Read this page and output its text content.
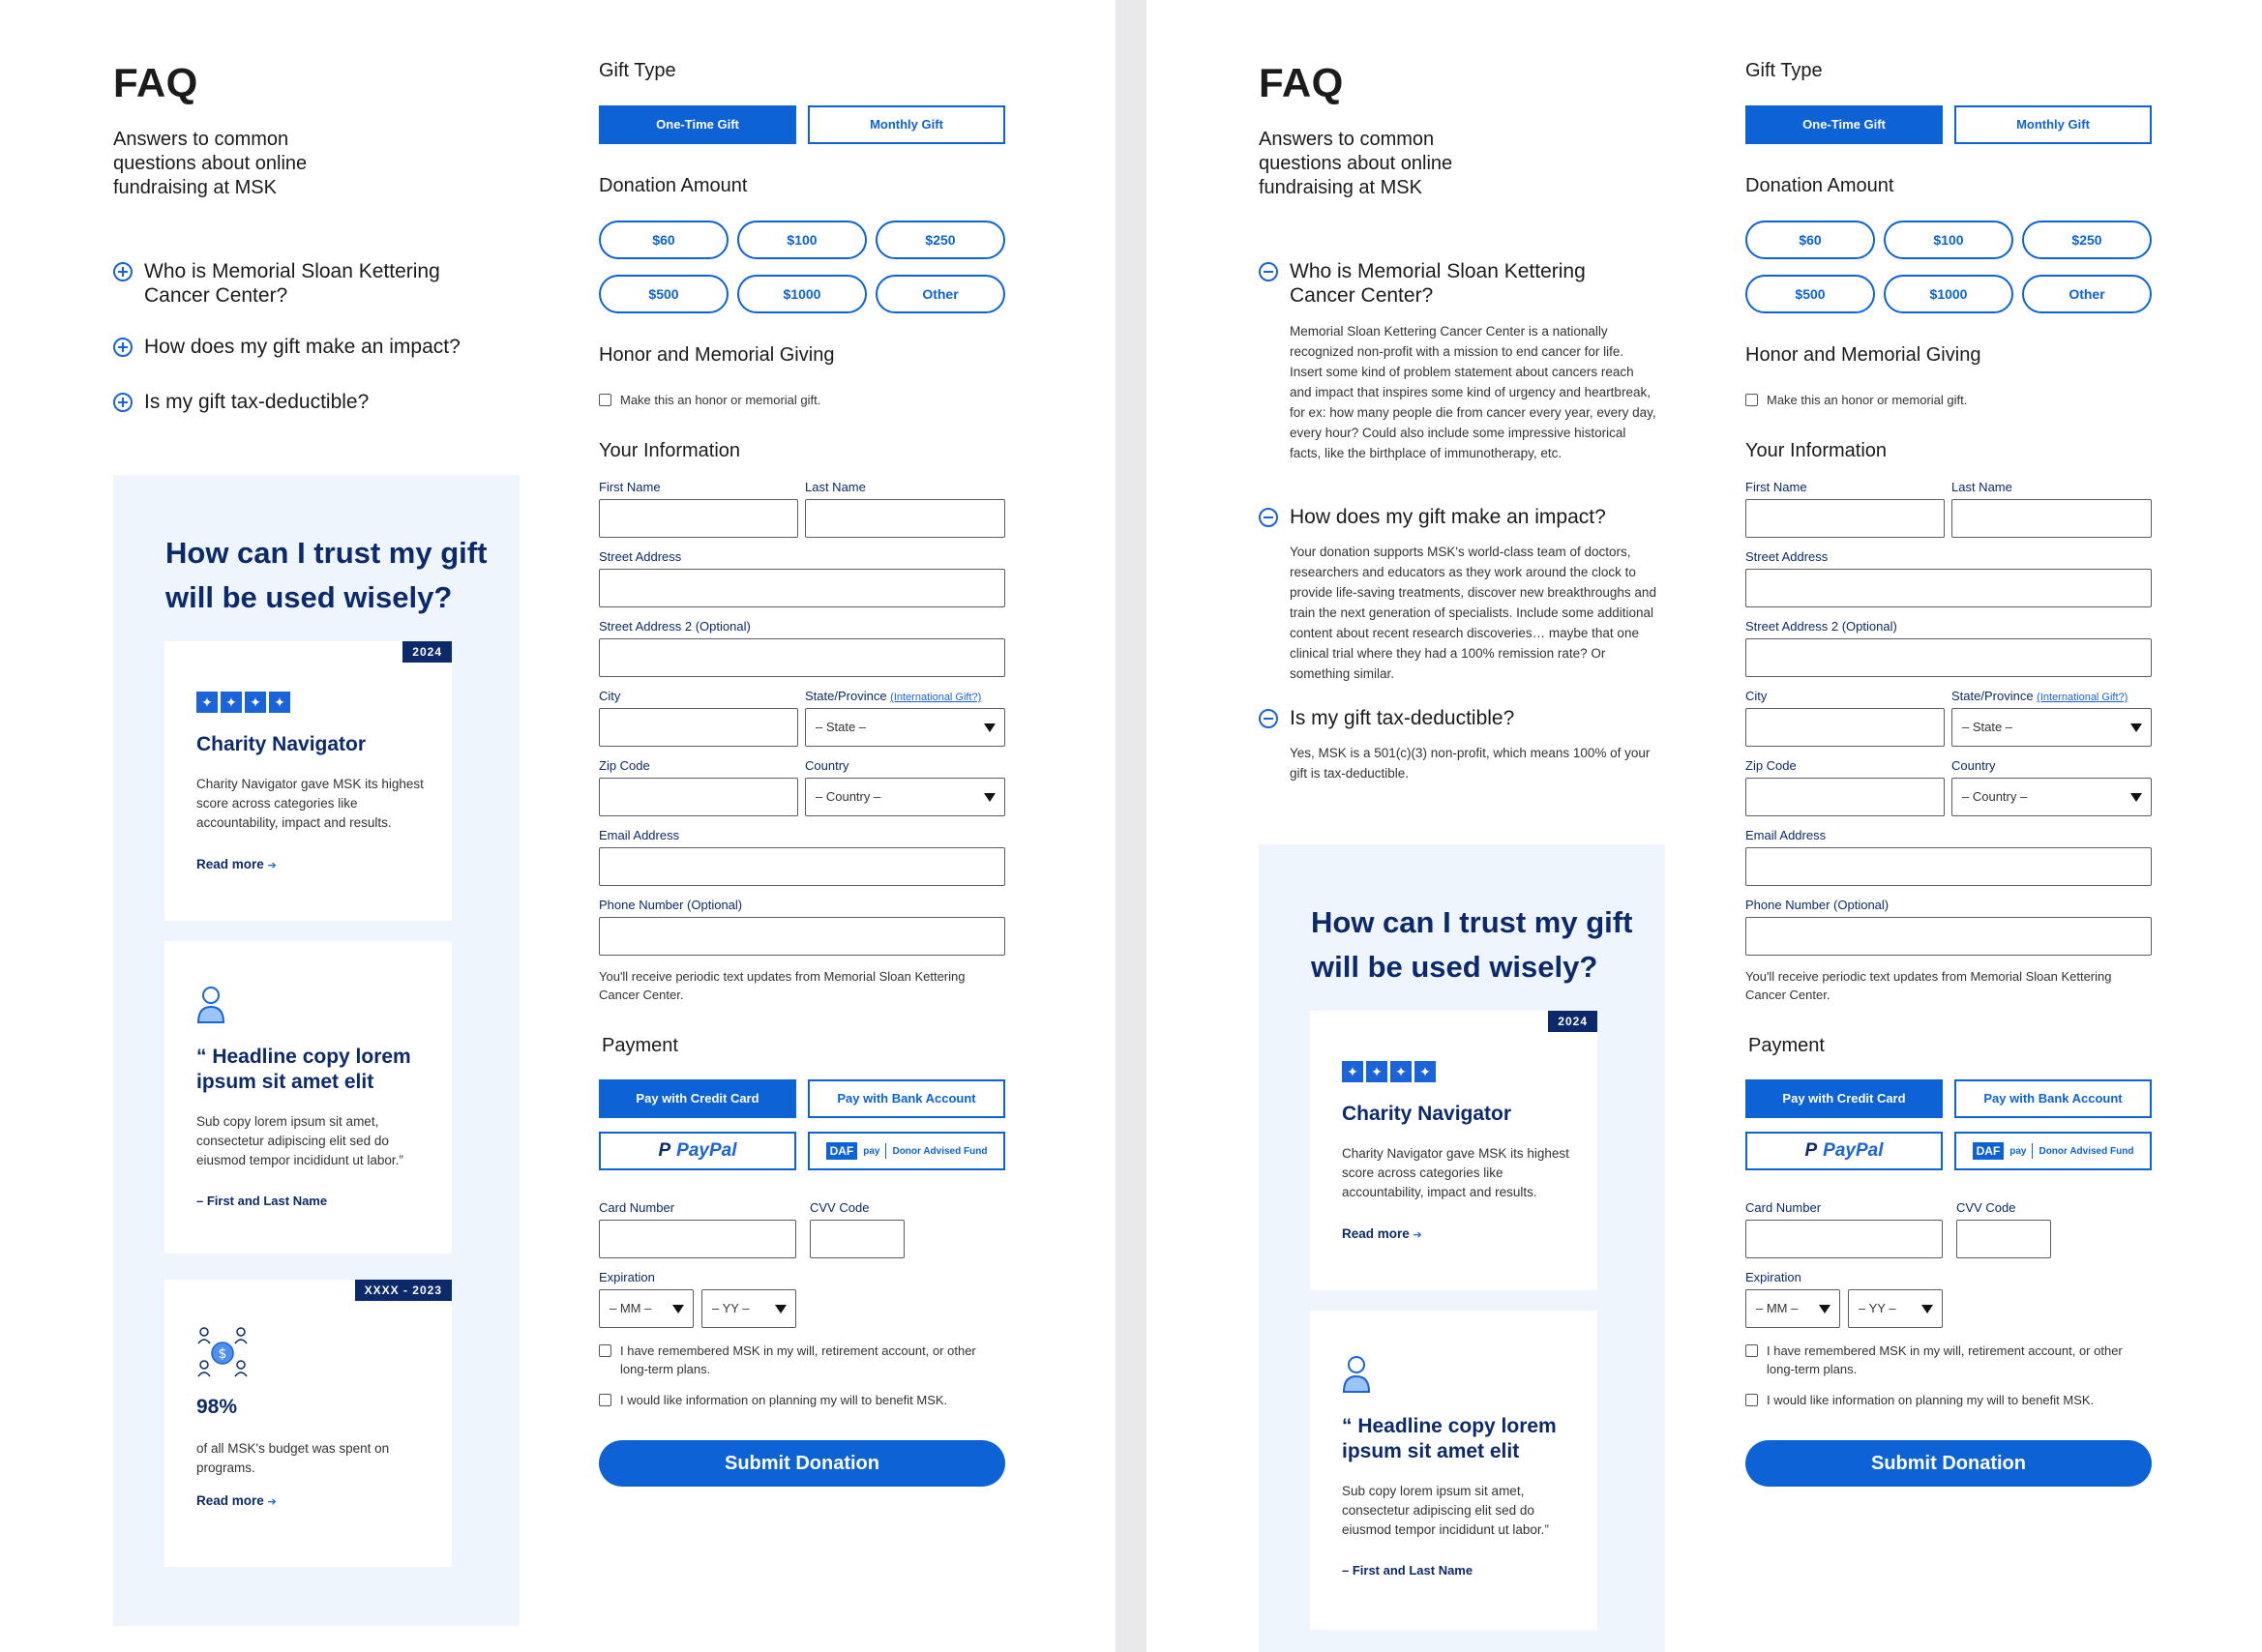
FAQ
Answers to common questions about online fundraising at MSK
Who is Memorial Sloan Kettering Cancer Center?
How does my gift make an impact?
Is my gift tax-deductible?
How can I trust my gift will be used wisely?
2024
✦ ✦ ✦ ✦
Charity Navigator
Charity Navigator gave MSK its highest score across categories like accountability, impact and results.
Read more ➔
“ Headline copy lorem ipsum sit amet elit
Sub copy lorem ipsum sit amet, consectetur adipiscing elit sed do eiusmod tempor incididunt ut labor.”
– First and Last Name
XXXX - 2023
$
98%
of all MSK's budget was spent on programs.
Read more ➔
Gift Type
One-Time Gift	Monthly Gift
Donation Amount
$60	$100	$250
$500	$1000	Other
Honor and Memorial Giving
Make this an honor or memorial gift.
Your Information
First Name	Last Name
Street Address
Street Address 2 (Optional)
City	State/Province (International Gift?)
– State –
Zip Code	Country
– Country –
Email Address
Phone Number (Optional)
You'll receive periodic text updates from Memorial Sloan Kettering Cancer Center.
Payment
Pay with Credit Card	Pay with Bank Account
P PayPal	DAF	pay Donor Advised Fund
Card Number	CVV Code
Expiration
– MM –	– YY –
I have remembered MSK in my will, retirement account, or other long-term plans.
I would like information on planning my will to benefit MSK.
Submit Donation
FAQ
Answers to common questions about online fundraising at MSK
Who is Memorial Sloan Kettering Cancer Center?
Memorial Sloan Kettering Cancer Center is a nationally recognized non-profit with a mission to end cancer for life. Insert some kind of problem statement about cancers reach and impact that inspires some kind of urgency and heartbreak, for ex: how many people die from cancer every year, every day, every hour? Could also include some impressive historical facts, like the birthplace of immunotherapy, etc.
How does my gift make an impact?
Your donation supports MSK's world-class team of doctors, researchers and educators as they work around the clock to provide life-saving treatments, discover new breakthroughs and train the next generation of specialists. Include some additional content about recent research discoveries… maybe that one clinical trial where they had a 100% remission rate? Or something similar.
Is my gift tax-deductible?
Yes, MSK is a 501(c)(3) non-profit, which means 100% of your gift is tax-deductible.
How can I trust my gift will be used wisely?
2024
✦ ✦ ✦ ✦
Charity Navigator
Charity Navigator gave MSK its highest score across categories like accountability, impact and results.
Read more ➔
“ Headline copy lorem ipsum sit amet elit
Sub copy lorem ipsum sit amet, consectetur adipiscing elit sed do eiusmod tempor incididunt ut labor.”
– First and Last Name
Gift Type
One-Time Gift	Monthly Gift
Donation Amount
$60	$100	$250
$500	$1000	Other
Honor and Memorial Giving
Make this an honor or memorial gift.
Your Information
First Name	Last Name
Street Address
Street Address 2 (Optional)
City	State/Province (International Gift?)
– State –
Zip Code	Country
– Country –
Email Address
Phone Number (Optional)
You'll receive periodic text updates from Memorial Sloan Kettering Cancer Center.
Payment
Pay with Credit Card	Pay with Bank Account
P PayPal	DAF	pay Donor Advised Fund
Card Number	CVV Code
Expiration
– MM –	– YY –
I have remembered MSK in my will, retirement account, or other long-term plans.
I would like information on planning my will to benefit MSK.
Submit Donation
